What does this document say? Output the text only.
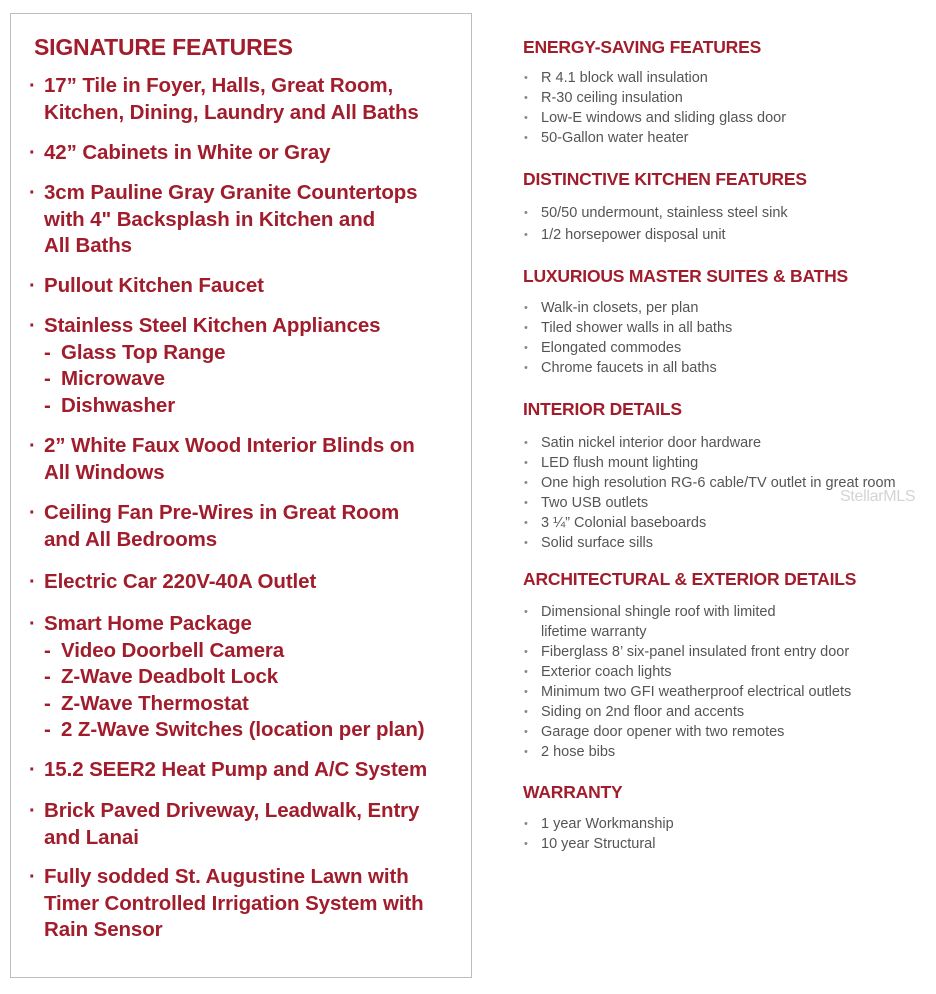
SIGNATURE FEATURES
· 17” Tile in Foyer, Halls, Great Room,
Kitchen, Dining, Laundry and All Baths
· 42” Cabinets in White or Gray
· 3cm Pauline Gray Granite Countertops
with 4" Backsplash in Kitchen and
All Baths
· Pullout Kitchen Faucet
· Stainless Steel Kitchen Appliances
- Glass Top Range
- Microwave
- Dishwasher
· 2” White Faux Wood Interior Blinds on
All Windows
· Ceiling Fan Pre-Wires in Great Room
and All Bedrooms
· Electric Car 220V-40A Outlet
· Smart Home Package
- Video Doorbell Camera
- Z-Wave Deadbolt Lock
- Z-Wave Thermostat
- 2 Z-Wave Switches (location per plan)
· 15.2 SEER2 Heat Pump and A/C System
· Brick Paved Driveway, Leadwalk, Entry
and Lanai
· Fully sodded St. Augustine Lawn with
Timer Controlled Irrigation System with
Rain Sensor
ENERGY-SAVING FEATURES
• R 4.1 block wall insulation
• R-30 ceiling insulation
• Low-E windows and sliding glass door
• 50-Gallon water heater
DISTINCTIVE KITCHEN FEATURES
• 50/50 undermount, stainless steel sink
• 1/2 horsepower disposal unit
LUXURIOUS MASTER SUITES & BATHS
• Walk-in closets, per plan
• Tiled shower walls in all baths
• Elongated commodes
• Chrome faucets in all baths
INTERIOR DETAILS
• Satin nickel interior door hardware
• LED flush mount lighting
• One high resolution RG-6 cable/TV outlet in great room
• Two USB outlets
• 3 ¼” Colonial baseboards
• Solid surface sills
ARCHITECTURAL & EXTERIOR DETAILS
• Dimensional shingle roof with limited
lifetime warranty
• Fiberglass 8’ six-panel insulated front entry door
• Exterior coach lights
• Minimum two GFI weatherproof electrical outlets
• Siding on 2nd floor and accents
• Garage door opener with two remotes
• 2 hose bibs
WARRANTY
• 1 year Workmanship
• 10 year Structural
StellarMLS
